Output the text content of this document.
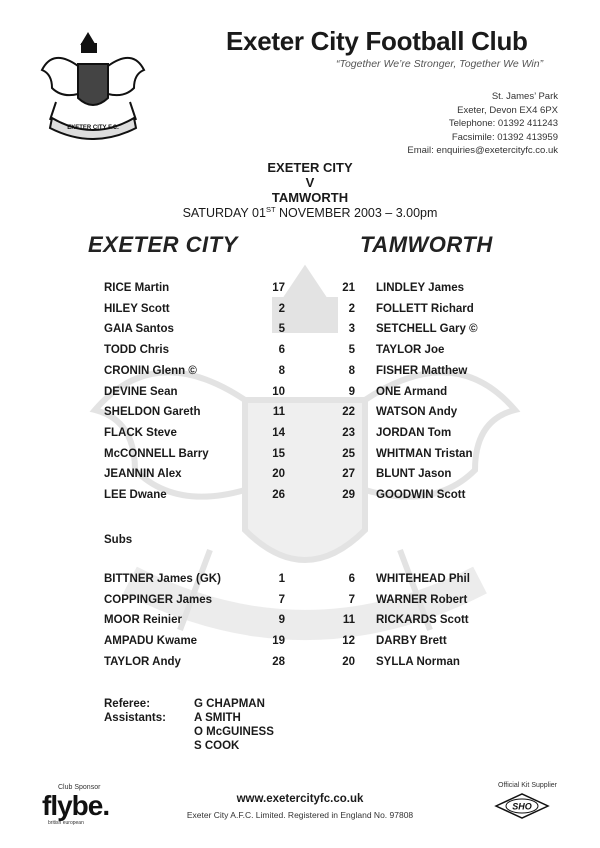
EXETER CITY F.C.
Exeter City Football Club
“Together We’re Stronger, Together We Win”
St. James’ Park
Exeter, Devon EX4 6PX
Telephone: 01392 411243
Facsimile: 01392 413959
Email: enquiries@exetercityfc.co.uk
EXETER CITY
V
TAMWORTH
SATURDAY 01ST NOVEMBER 2003 – 3.00pm
EXETER CITY	TAMWORTH
RICE Martin	17	21 LINDLEY James
HILEY Scott	2	2 FOLLETT Richard
GAIA Santos	5	3 SETCHELL Gary ©
TODD Chris	6	5 TAYLOR Joe
CRONIN Glenn ©	8	8 FISHER Matthew
DEVINE Sean	10	9 ONE Armand
SHELDON Gareth	11	22 WATSON Andy
FLACK Steve	14	23 JORDAN Tom
McCONNELL Barry	15	25 WHITMAN Tristan
JEANNIN Alex	20	27 BLUNT Jason
LEE Dwane	26	29 GOODWIN Scott
Subs
BITTNER James (GK)	1	6 WHITEHEAD Phil
COPPINGER James	7	7 WARNER Robert
MOOR Reinier	9	11 RICKARDS Scott
AMPADU Kwame	19	12 DARBY Brett
TAYLOR Andy	28	20 SYLLA Norman
Referee:	G CHAPMAN
Assistants: A SMITH
O McGUINESS
S COOK
Club Sponsor
flybe.
british european
www.exetercityfc.co.uk
Exeter City A.F.C. Limited. Registered in England No. 97808
Official Kit Supplier
SHO
